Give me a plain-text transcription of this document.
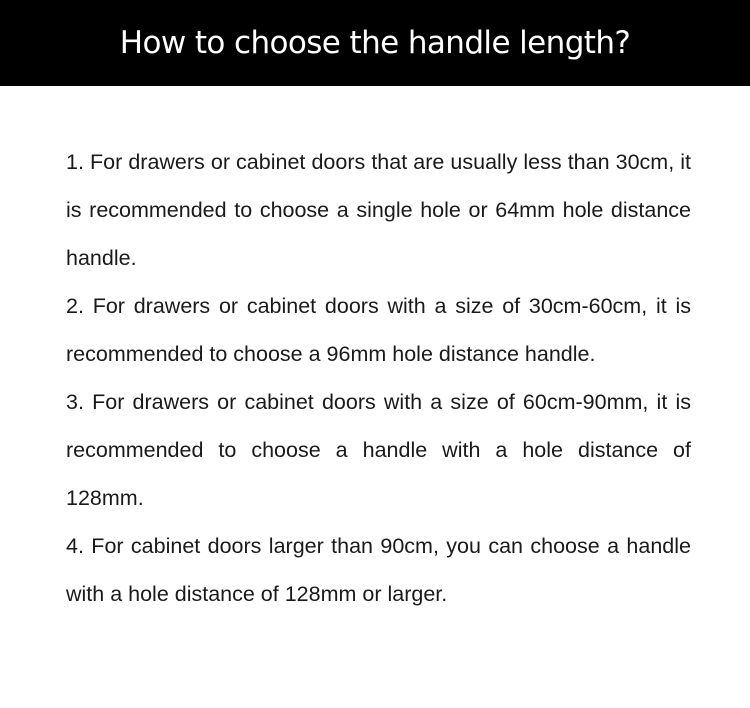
How to choose the handle length?

1. For drawers or cabinet doors that are usually less than 30cm, it is recommended to choose a single hole or 64mm hole distance handle.

2. For drawers or cabinet doors with a size of 30cm-60cm, it is recommended to choose a 96mm hole distance handle.

3. For drawers or cabinet doors with a size of 60cm-90mm, it is recommended to choose a handle with a hole distance of 128mm.

4. For cabinet doors larger than 90cm, you can choose a handle with a hole distance of 128mm or larger.
